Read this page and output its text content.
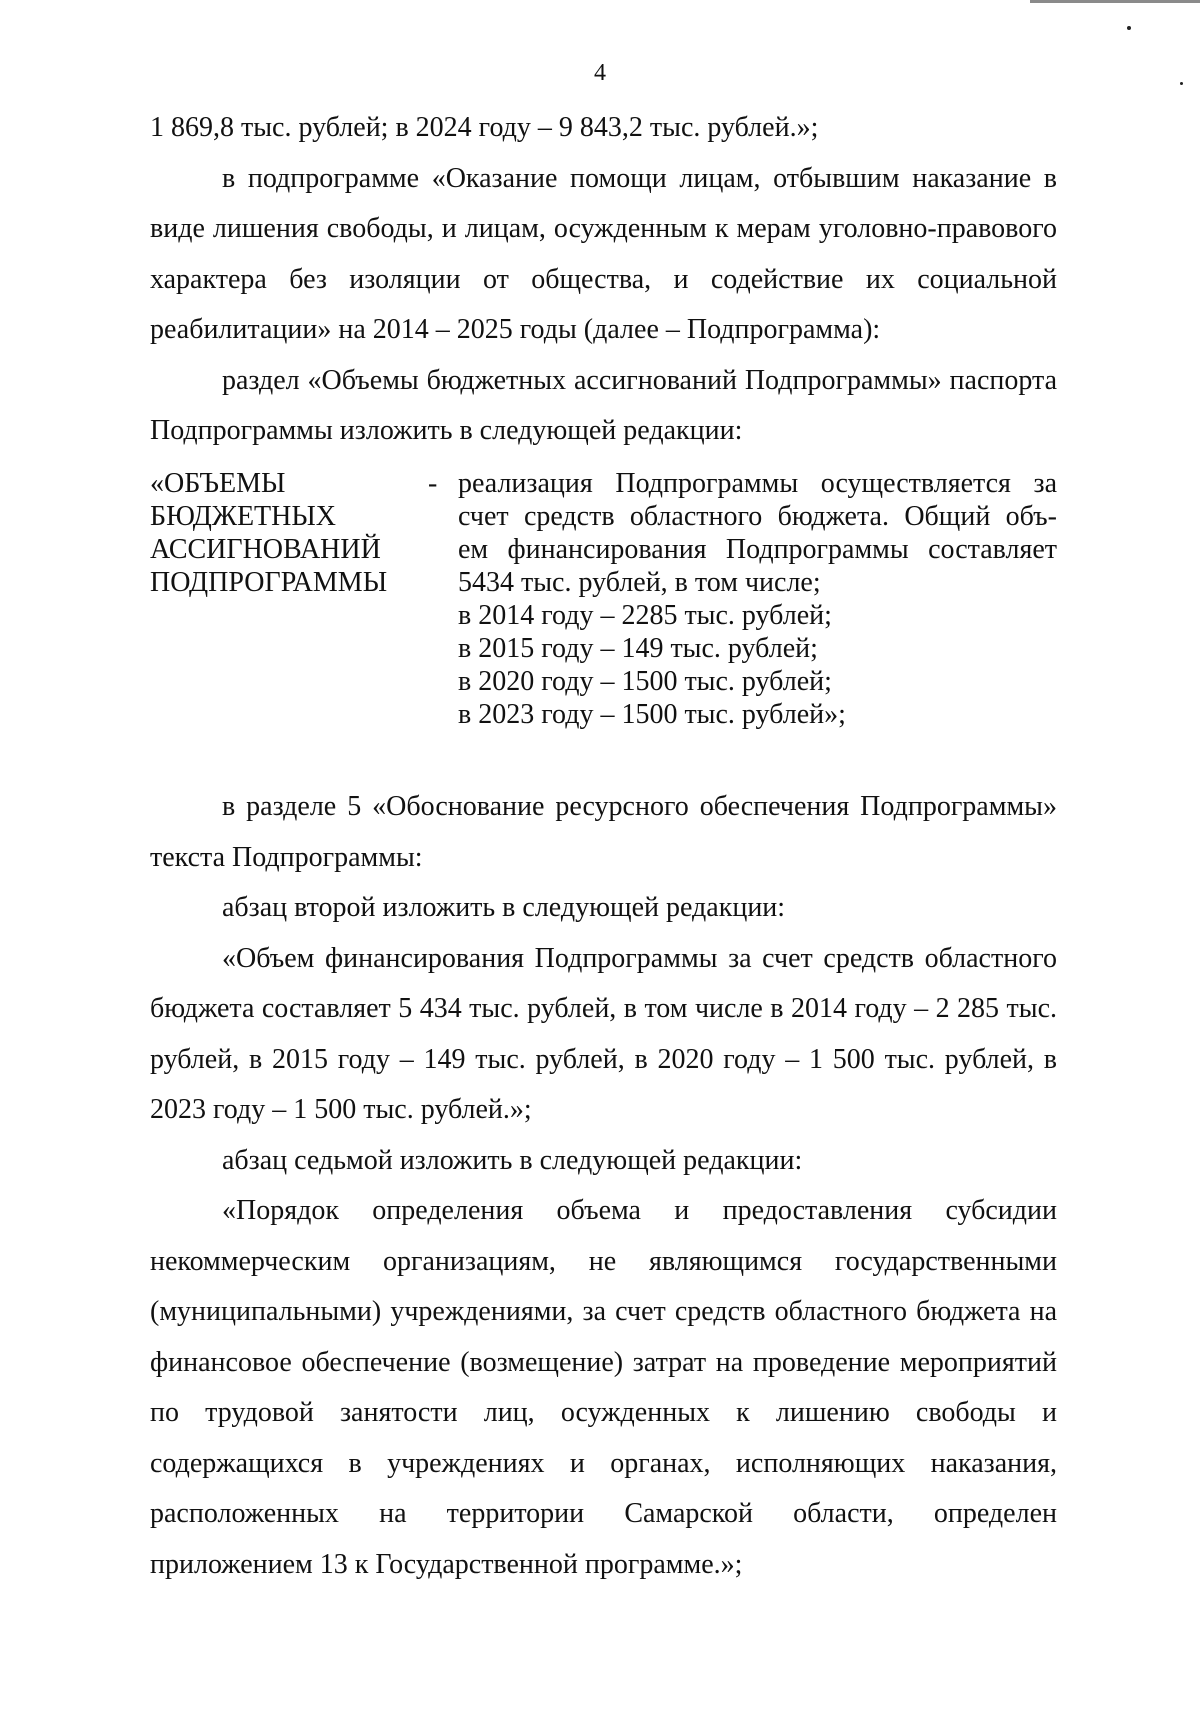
4

1 869,8 тыс. рублей; в 2024 году – 9 843,2 тыс. рублей.»;

в подпрограмме «Оказание помощи лицам, отбывшим наказание в виде лишения свободы, и лицам, осужденным к мерам уголовно-правового характера без изоляции от общества, и содействие их социальной реабилитации» на 2014 – 2025 годы (далее – Подпрограмма):

раздел «Объемы бюджетных ассигнований Подпрограммы» паспорта Подпрограммы изложить в следующей редакции:

«ОБЪЕМЫ
БЮДЖЕТНЫХ
АССИГНОВАНИЙ
ПОДПРОГРАММЫ
- реализация Подпрограммы осуществляется за
счет средств областного бюджета. Общий объ-
ем финансирования Подпрограммы составляет
5434 тыс. рублей, в том числе;
в 2014 году – 2285 тыс. рублей;
в 2015 году – 149 тыс. рублей;
в 2020 году – 1500 тыс. рублей;
в 2023 году – 1500 тыс. рублей»;

в разделе 5 «Обоснование ресурсного обеспечения Подпрограммы» текста Подпрограммы:

абзац второй изложить в следующей редакции:

«Объем финансирования Подпрограммы за счет средств областного бюджета составляет 5 434 тыс. рублей, в том числе в 2014 году – 2 285 тыс. рублей, в 2015 году – 149 тыс. рублей, в 2020 году – 1 500 тыс. рублей, в 2023 году – 1 500 тыс. рублей.»;

абзац седьмой изложить в следующей редакции:

«Порядок определения объема и предоставления субсидии некоммерческим организациям, не являющимся государственными (муниципальными) учреждениями, за счет средств областного бюджета на финансовое обеспечение (возмещение) затрат на проведение мероприятий по трудовой занятости лиц, осужденных к лишению свободы и содержащихся в учреждениях и органах, исполняющих наказания, расположенных на территории Самарской области, определен приложением 13 к Государственной программе.»;
